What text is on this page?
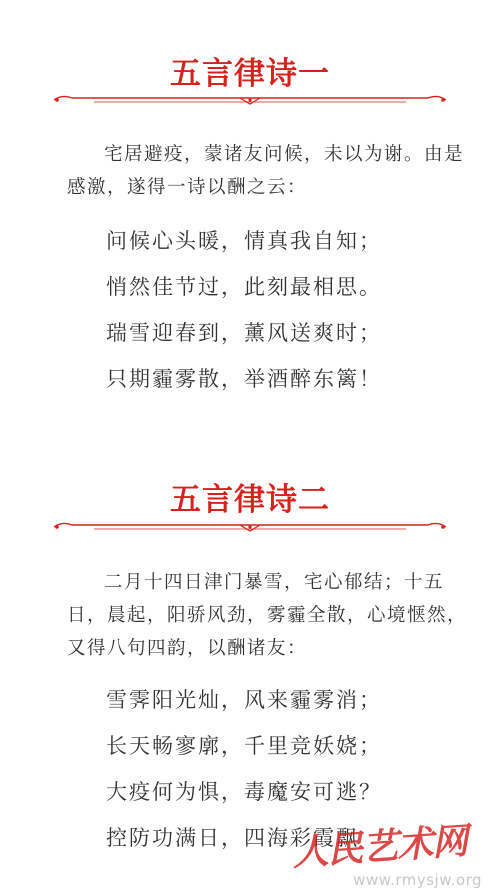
五言律诗一

宅居避疫，蒙诸友问候，未以为谢。由是感激，遂得一诗以酬之云：

问候心头暖，情真我自知；

悄然佳节过，此刻最相思。

瑞雪迎春到，薰风送爽时；

只期霾雾散，举酒醉东篱！

五言律诗二

二月十四日津门暴雪，宅心郁结；十五日，晨起，阳骄风劲，雾霾全散，心境惬然，又得八句四韵，以酬诸友：

雪霁阳光灿，风来霾雾消；

长天畅寥廓，千里竞妖娆；

大疫何为惧，毒魔安可逃？

控防功满日，四海彩霞飘

人民艺术网
www.rmysjw.org
